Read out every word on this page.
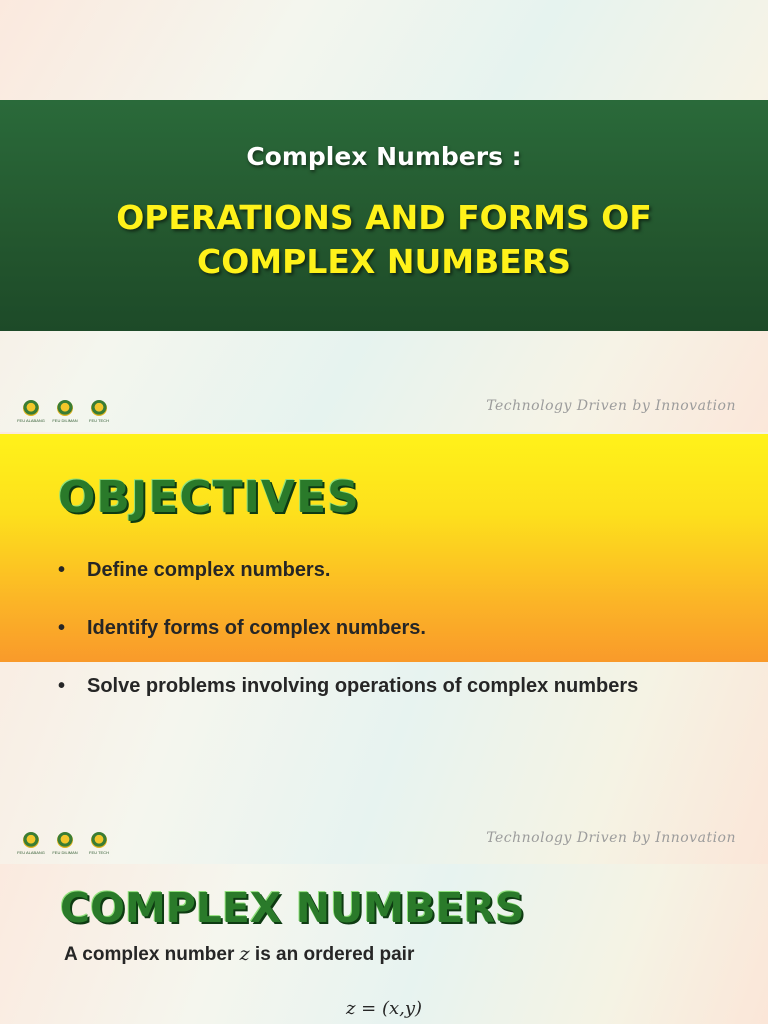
Complex Numbers :
OPERATIONS AND FORMS OF
COMPLEX NUMBERS
FEU ALABANG FEU DILIMAN	FEU TECH
Technology Driven by Innovation
OBJECTIVES
• Define complex numbers.
• Identify forms of complex numbers.
• Solve problems involving operations of complex numbers
FEU ALABANG FEU DILIMAN	FEU TECH
Technology Driven by Innovation
COMPLEX NUMBERS
A complex number z is an ordered pair
z = (x,y)
